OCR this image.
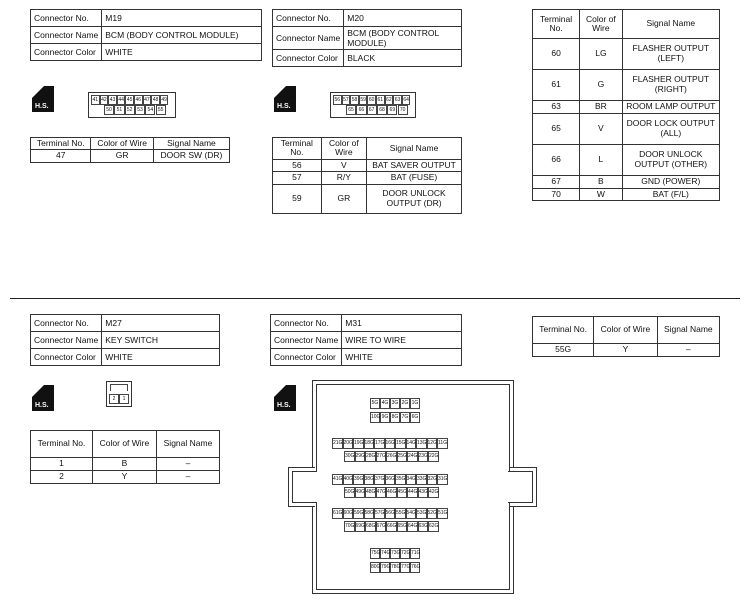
Connector No.	M19
Connector Name	BCM (BODY CONTROL MODULE)
Connector Color	WHITE
H.S.
41 42 43 44 45 46 47 48 49
50 51 52 53 54 55
Terminal No.	Color of Wire	Signal Name
47	GR	DOOR SW (DR)
Connector No.	M20
Connector Name	BCM (BODY CONTROL MODULE)
Connector Color	BLACK
H.S.
56 57 58 59 60 61 62 63 64
65 66 67 68 69 70
Terminal No.	Color of Wire	Signal Name
56	V	BAT SAVER OUTPUT
57	R/Y	BAT (FUSE)
59	GR	DOOR UNLOCK OUTPUT (DR)
Terminal No.	Color of Wire	Signal Name
60	LG	FLASHER OUTPUT (LEFT)
61	G	FLASHER OUTPUT (RIGHT)
63	BR	ROOM LAMP OUTPUT
65	V	DOOR LOCK OUTPUT (ALL)
66	L	DOOR UNLOCK OUTPUT (OTHER)
67	B	GND (POWER)
70	W	BAT (F/L)
Connector No.	M27
Connector Name	KEY SWITCH
Connector Color	WHITE
H.S.
2	1
Terminal No.	Color of Wire	Signal Name
1	B	–
2	Y	–
Connector No.	M31
Connector Name	WIRE TO WIRE
Connector Color	WHITE
H.S.	5G 4G 3G 2G 1G
10G 9G 8G 7G 6G
21G 20G 19G 18G 17G 16G 15G 14G 13G 12G 11G
30G 29G 28G 27G 26G 25G 24G 23G 22G
41G 40G 39G 38G 37G 36G 35G 34G 33G 32G 31G
50G 49G 48G 47G 46G 45G 44G 43G 42G
61G 60G 59G 58G 57G 56G 55G 54G 53G 52G 51G
70G 69G 68G 67G 66G 65G 64G 63G 62G
75G 74G 73G 72G 71G
80G 79G 78G 77G 76G
Terminal No.	Color of Wire	Signal Name
55G	Y	–
